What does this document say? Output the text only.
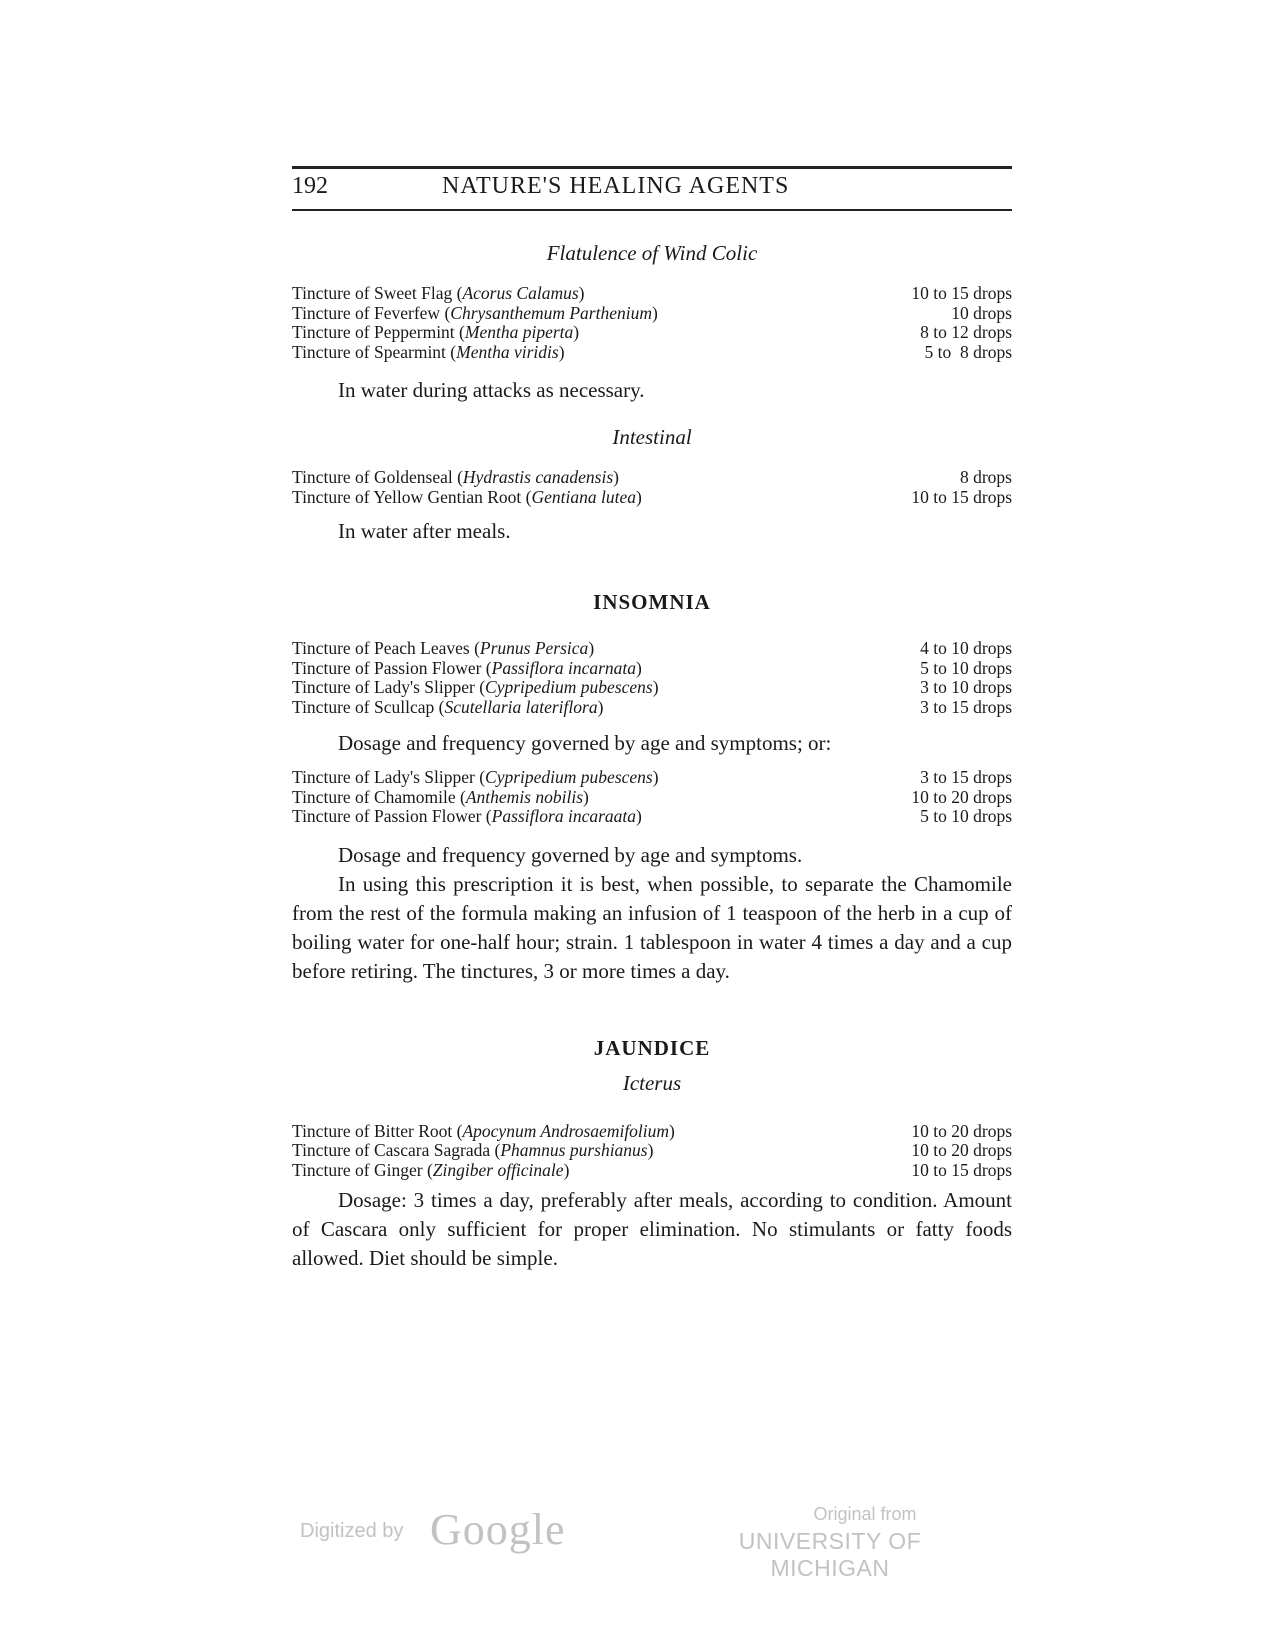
192	NATURE'S HEALING AGENTS
Flatulence of Wind Colic
Tincture of Sweet Flag (Acorus Calamus)	10 to 15 drops
Tincture of Feverfew (Chrysanthemum Parthenium)	10 drops
Tincture of Peppermint (Mentha piperta)	8 to 12 drops
Tincture of Spearmint (Mentha viridis)	5 to  8 drops

In water during attacks as necessary.

Intestinal
Tincture of Goldenseal (Hydrastis canadensis)	8 drops
Tincture of Yellow Gentian Root (Gentiana lutea)	10 to 15 drops

In water after meals.

INSOMNIA
Tincture of Peach Leaves (Prunus Persica)	4 to 10 drops
Tincture of Passion Flower (Passiflora incarnata)	5 to 10 drops
Tincture of Lady's Slipper (Cypripedium pubescens)	3 to 10 drops
Tincture of Scullcap (Scutellaria lateriflora)	3 to 15 drops

Dosage and frequency governed by age and symptoms; or:

Tincture of Lady's Slipper (Cypripedium pubescens)	3 to 15 drops
Tincture of Chamomile (Anthemis nobilis)	10 to 20 drops
Tincture of Passion Flower (Passiflora incaraata)	5 to 10 drops

Dosage and frequency governed by age and symptoms.

In using this prescription it is best, when possible, to separate the Chamomile from the rest of the formula making an infusion of 1 teaspoon of the herb in a cup of boiling water for one-half hour; strain. 1 tablespoon in water 4 times a day and a cup before retiring. The tinctures, 3 or more times a day.

JAUNDICE
Icterus
Tincture of Bitter Root (Apocynum Androsaemifolium)	10 to 20 drops
Tincture of Cascara Sagrada (Phamnus purshianus)	10 to 20 drops
Tincture of Ginger (Zingiber officinale)	10 to 15 drops

Dosage: 3 times a day, preferably after meals, according to condition. Amount of Cascara only sufficient for proper elimination. No stimulants or fatty foods allowed. Diet should be simple.

Digitized by Google	Original from
UNIVERSITY OF MICHIGAN
